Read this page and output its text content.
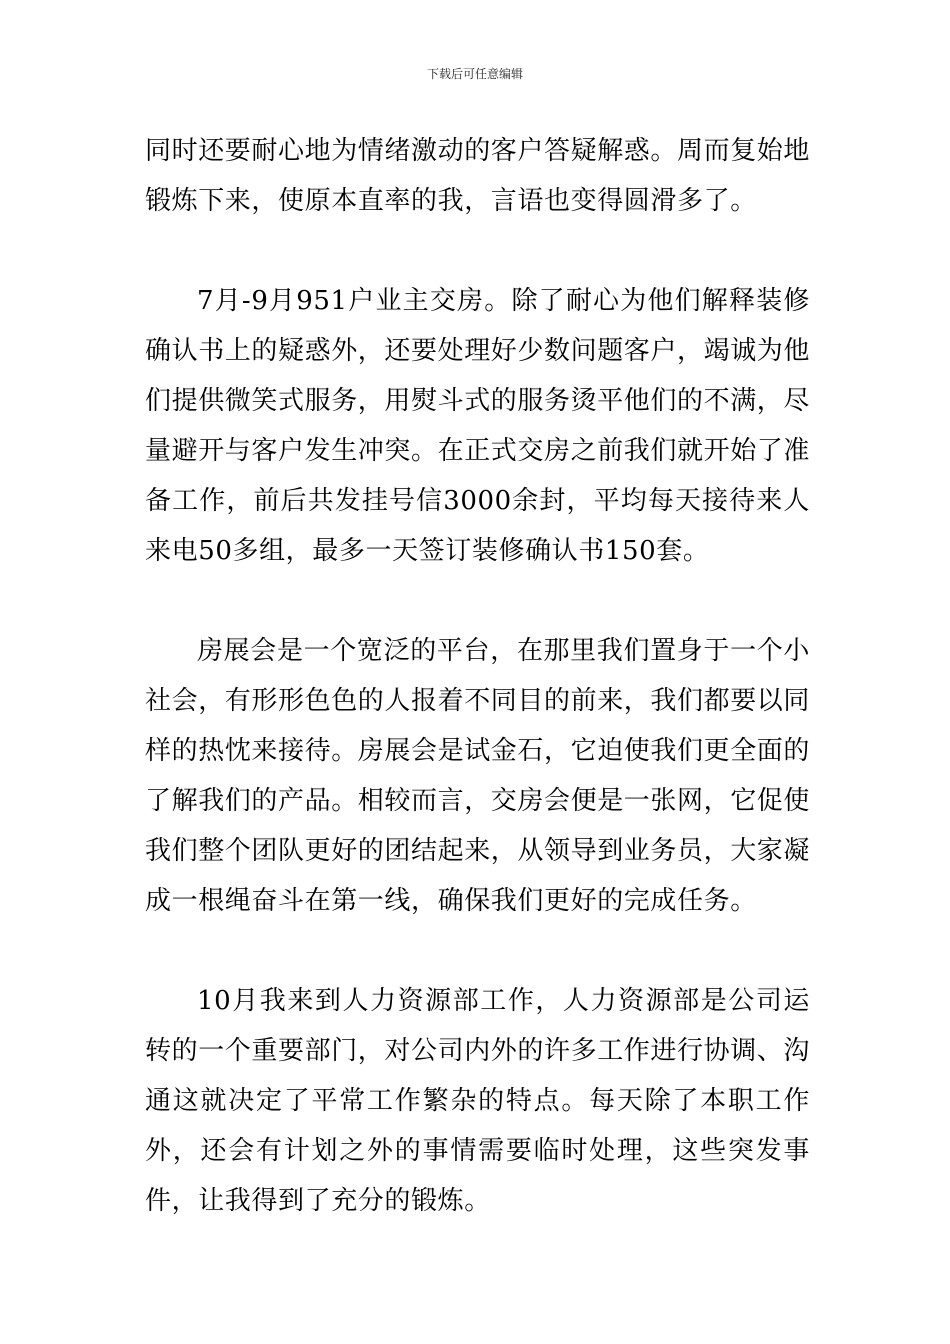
下载后可任意编辑

同时还要耐心地为情绪激动的客户答疑解惑。周而复始地锻炼下来，使原本直率的我，言语也变得圆滑多了。

7月-9月951户业主交房。除了耐心为他们解释装修确认书上的疑惑外，还要处理好少数问题客户，竭诚为他们提供微笑式服务，用熨斗式的服务烫平他们的不满，尽量避开与客户发生冲突。在正式交房之前我们就开始了准备工作，前后共发挂号信3000余封，平均每天接待来人来电50多组，最多一天签订装修确认书150套。

房展会是一个宽泛的平台，在那里我们置身于一个小社会，有形形色色的人报着不同目的前来，我们都要以同样的热忱来接待。房展会是试金石，它迫使我们更全面的了解我们的产品。相较而言，交房会便是一张网，它促使我们整个团队更好的团结起来，从领导到业务员，大家凝成一根绳奋斗在第一线，确保我们更好的完成任务。

10月我来到人力资源部工作，人力资源部是公司运转的一个重要部门，对公司内外的许多工作进行协调、沟通这就决定了平常工作繁杂的特点。每天除了本职工作外，还会有计划之外的事情需要临时处理，这些突发事件，让我得到了充分的锻炼。
